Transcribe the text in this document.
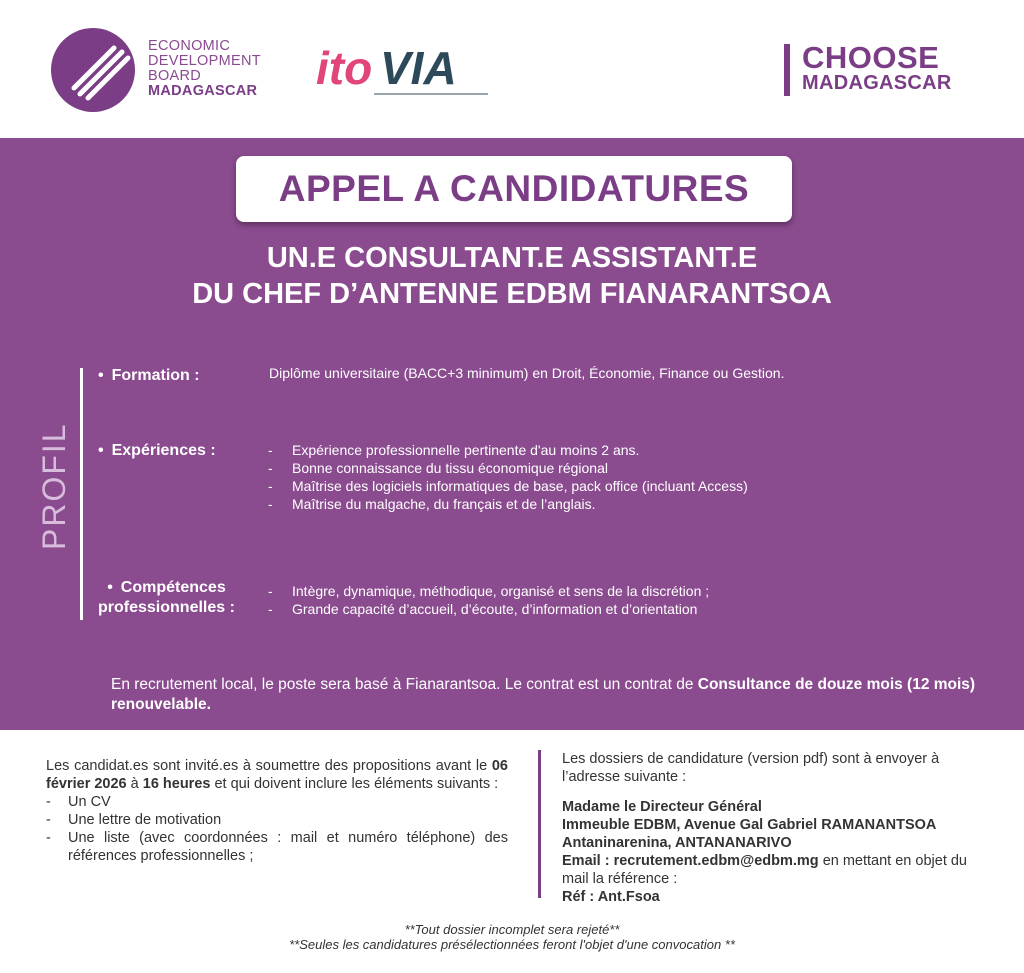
ECONOMIC
DEVELOPMENT
BOARD
MADAGASCAR ito VIA	CHOOSE
MADAGASCAR
APPEL A CANDIDATURES
UN.E CONSULTANT.E ASSISTANT.E
DU CHEF D’ANTENNE EDBM FIANARANTSOA
PROFIL
• Formation :	Diplôme universitaire (BACC+3 minimum) en Droit, Économie, Finance ou Gestion.
• Expériences :
-	Expérience professionnelle pertinente d'au moins 2 ans.
- Bonne connaissance du tissu économique régional
- Maîtrise des logiciels informatiques de base, pack office (incluant Access)
- Maîtrise du malgache, du français et de l’anglais.
• Compétences
professionnelles :
- Intègre, dynamique, méthodique, organisé et sens de la discrétion ;
- Grande capacité d’accueil, d’écoute, d’information et d’orientation
En recrutement local, le poste sera basé à Fianarantsoa. Le contrat est un contrat de Consultance de douze mois (12 mois) renouvelable.

Les candidat.es sont invité.es à soumettre des propositions avant le 06 février 2026 à 16 heures et qui doivent inclure les éléments suivants :

- Un CV

- Une lettre de motivation

- Une liste (avec coordonnées : mail et numéro téléphone) des références professionnelles ;

Les dossiers de candidature (version pdf) sont à envoyer à l’adresse suivante :

Madame le Directeur Général

Immeuble EDBM, Avenue Gal Gabriel RAMANANTSOA

Antaninarenina, ANTANANARIVO

Email : recrutement.edbm@edbm.mg en mettant en objet du mail la référence :

Réf : Ant.Fsoa

**Tout dossier incomplet sera rejeté**
**Seules les candidatures présélectionnées feront l'objet d'une convocation **
